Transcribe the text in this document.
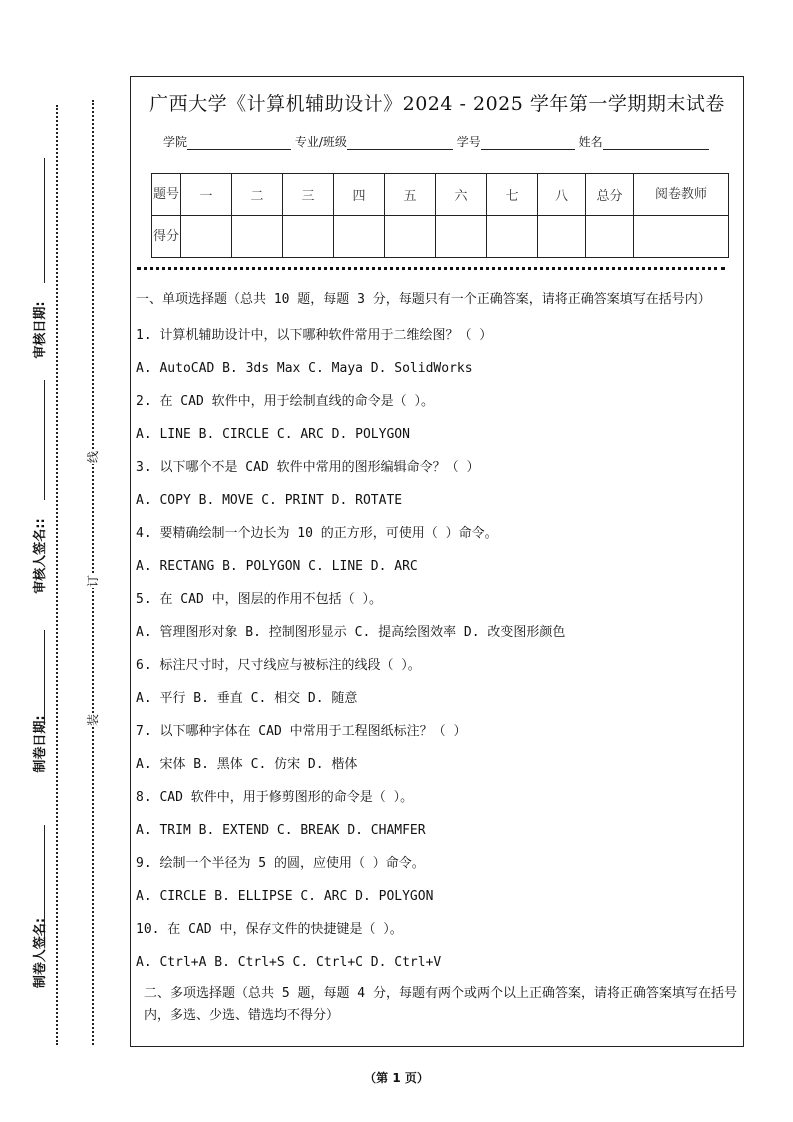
审核日期:
审核人签名::
制卷日期:
制卷人签名:
线
订
装
广西大学《计算机辅助设计》2024 - 2025 学年第一学期期末试卷
学院	专业/班级	学号	姓名
题号	一	二	三	四	五	六	七	八	总分	阅卷教师
得分										
一、单项选择题（总共 10 题，每题 3 分，每题只有一个正确答案，请将正确答案填写在括号内）
1. 计算机辅助设计中，以下哪种软件常用于二维绘图？（ ）
A. AutoCAD B. 3ds Max C. Maya D. SolidWorks
2. 在 CAD 软件中，用于绘制直线的命令是（ ）。
A. LINE B. CIRCLE C. ARC D. POLYGON
3. 以下哪个不是 CAD 软件中常用的图形编辑命令？（ ）
A. COPY B. MOVE C. PRINT D. ROTATE
4. 要精确绘制一个边长为 10 的正方形，可使用（ ）命令。
A. RECTANG B. POLYGON C. LINE D. ARC
5. 在 CAD 中，图层的作用不包括（ ）。
A. 管理图形对象 B. 控制图形显示 C. 提高绘图效率 D. 改变图形颜色
6. 标注尺寸时，尺寸线应与被标注的线段（ ）。
A. 平行 B. 垂直 C. 相交 D. 随意
7. 以下哪种字体在 CAD 中常用于工程图纸标注？（ ）
A. 宋体 B. 黑体 C. 仿宋 D. 楷体
8. CAD 软件中，用于修剪图形的命令是（ ）。
A. TRIM B. EXTEND C. BREAK D. CHAMFER
9. 绘制一个半径为 5 的圆，应使用（ ）命令。
A. CIRCLE B. ELLIPSE C. ARC D. POLYGON
10. 在 CAD 中，保存文件的快捷键是（ ）。
A. Ctrl+A B. Ctrl+S C. Ctrl+C D. Ctrl+V
二、多项选择题（总共 5 题，每题 4 分，每题有两个或两个以上正确答案，请将正确答案填写在括号内，多选、少选、错选均不得分）
（第 1 页）
